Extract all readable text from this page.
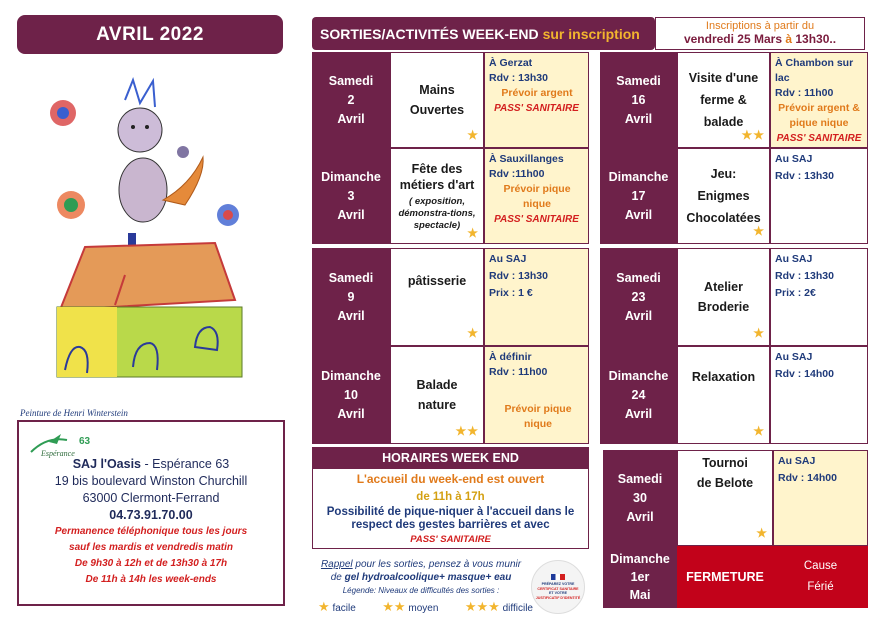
AVRIL 2022
Peinture de Henri Winterstein
Espérance
63
SAJ l'Oasis - Espérance 63
19 bis boulevard Winston Churchill
63000 Clermont-Ferrand
04.73.91.70.00
Permanence téléphonique tous les jours
sauf les mardis et vendredis matin
De 9h30 à 12h et de 13h30 à 17h
De 11h à 14h les week-ends
SORTIES/ACTIVITÉS WEEK-END sur inscription	Inscriptions à partir du
vendredi 25 Mars à 13h30..
Samedi
2
Avril
Mains Ouvertes
★
À Gerzat
Rdv : 13h30
Prévoir argent
PASS' SANITAIRE
Dimanche
3
Avril
Fête des métiers d'art
( exposition, démonstra-tions, spectacle)
★
À Sauxillanges
Rdv :11h00
Prévoir pique nique
PASS' SANITAIRE
Samedi
9
Avril
pâtisserie
★
Au SAJ
Rdv : 13h30
Prix : 1 €
Dimanche
10
Avril
Balade nature
★★
À définir
Rdv : 11h00
Prévoir pique nique
Samedi
16
Avril
Visite d'une ferme & balade
★★
À Chambon sur lac
Rdv : 11h00
Prévoir argent & pique nique
PASS' SANITAIRE
Dimanche
17
Avril
Jeu: Enigmes Chocolatées
★
Au SAJ
Rdv : 13h30
Samedi
23
Avril
Atelier Broderie
★
Au SAJ
Rdv : 13h30
Prix : 2€
Dimanche
24
Avril
Relaxation
★
Au SAJ
Rdv : 14h00
Samedi
30
Avril
Tournoi de Belote
★
Au SAJ
Rdv : 14h00
Dimanche
1er
Mai
FERMETURE
Cause
Férié
HORAIRES WEEK END
L'accueil du week-end est ouvert
de 11h à 17h
Possibilité de pique-niquer à l'accueil dans le respect des gestes barrières et avec
PASS' SANITAIRE
Rappel pour les sorties, pensez à vous munir
de gel hydroalcoolique+ masque+ eau
Légende: Niveaux de difficultés des sorties :
★ facile ★★ moyen ★★★ difficile
PRÉPAREZ VOTRE
CERTIFICAT SANITAIRE
ET VOTRE
JUSTIFICATIF D'IDENTITÉ
